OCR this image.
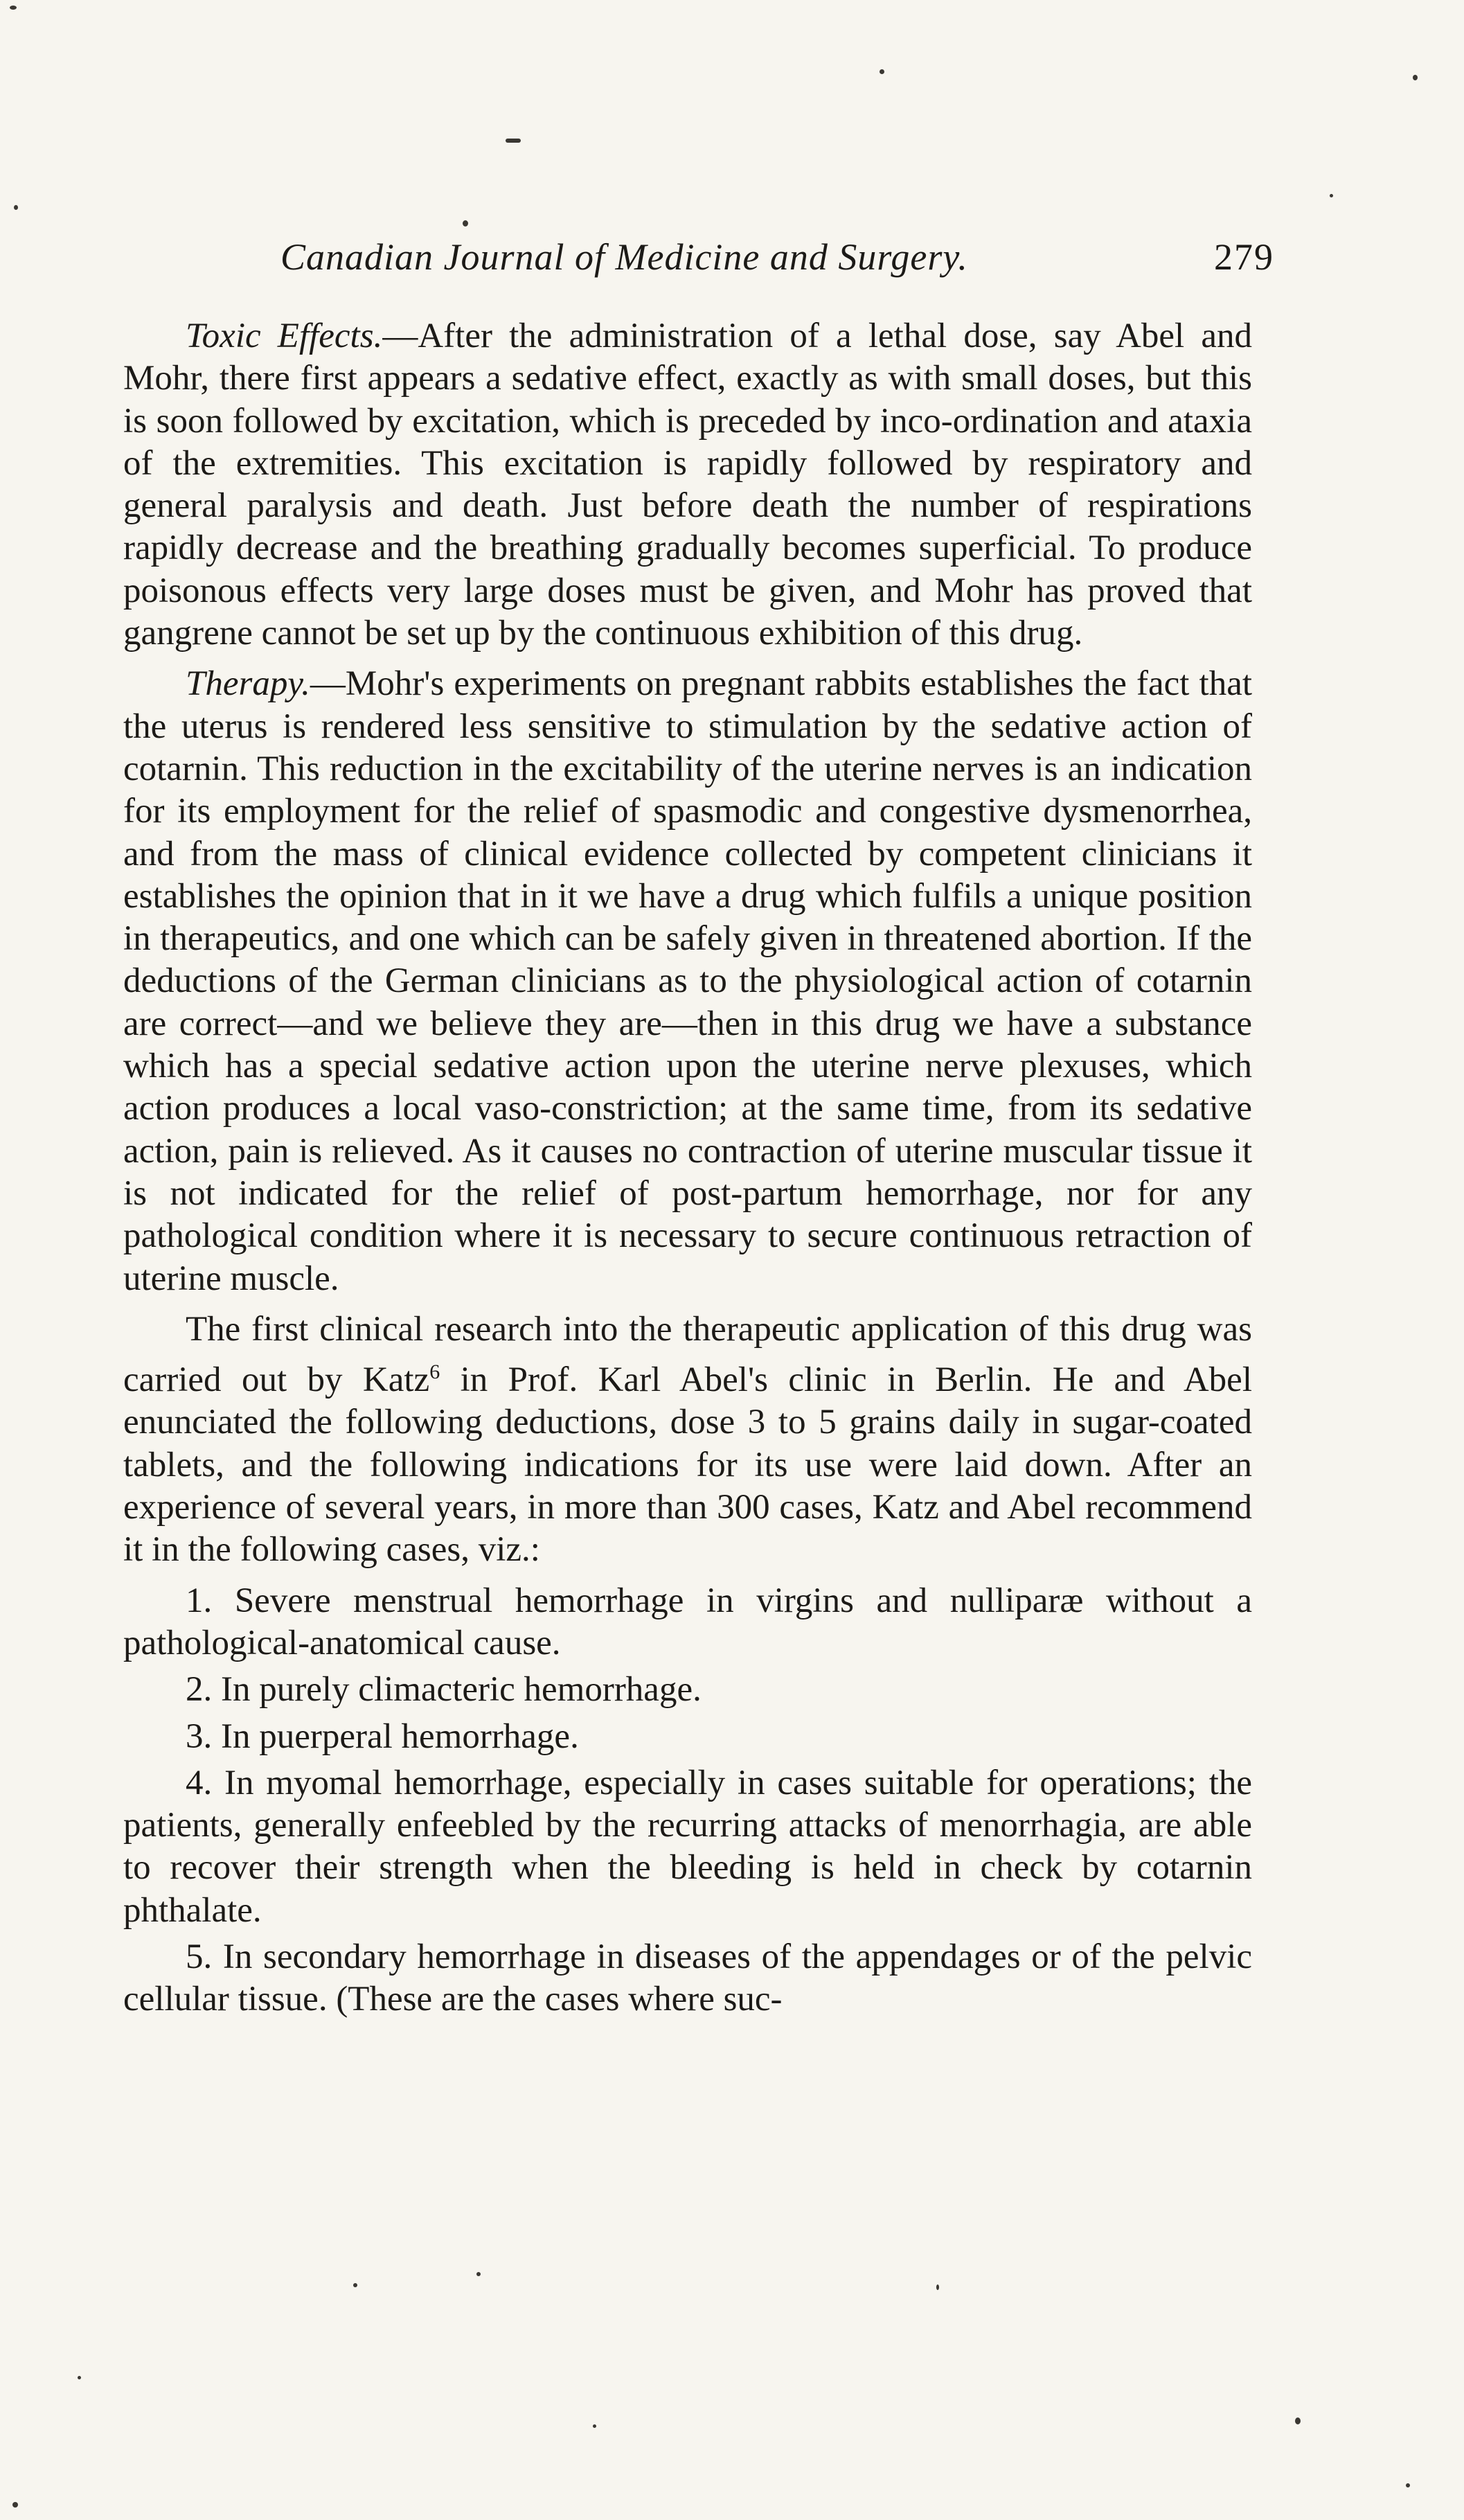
Canadian Journal of Medicine and Surgery.	279

Toxic Effects.—After the administration of a lethal dose, say Abel and Mohr, there first appears a sedative effect, exactly as with small doses, but this is soon followed by excitation, which is preceded by inco-ordination and ataxia of the extremities. This excitation is rapidly followed by respiratory and general paralysis and death. Just before death the number of respirations rapidly decrease and the breathing gradually becomes superficial. To produce poisonous effects very large doses must be given, and Mohr has proved that gangrene cannot be set up by the continuous exhibition of this drug.

Therapy.—Mohr's experiments on pregnant rabbits establishes the fact that the uterus is rendered less sensitive to stimulation by the sedative action of cotarnin. This reduction in the excitability of the uterine nerves is an indication for its employment for the relief of spasmodic and congestive dysmenorrhea, and from the mass of clinical evidence collected by competent clinicians it establishes the opinion that in it we have a drug which fulfils a unique position in therapeutics, and one which can be safely given in threatened abortion. If the deductions of the German clinicians as to the physiological action of cotarnin are correct—and we believe they are—then in this drug we have a substance which has a special sedative action upon the uterine nerve plexuses, which action produces a local vaso-constriction; at the same time, from its sedative action, pain is relieved. As it causes no contraction of uterine muscular tissue it is not indicated for the relief of post-partum hemorrhage, nor for any pathological condition where it is necessary to secure continuous retraction of uterine muscle.

The first clinical research into the therapeutic application of this drug was carried out by Katz$^6$ in Prof. Karl Abel's clinic in Berlin. He and Abel enunciated the following deductions, dose 3 to 5 grains daily in sugar-coated tablets, and the following indications for its use were laid down. After an experience of several years, in more than 300 cases, Katz and Abel recommend it in the following cases, viz.:

1. Severe menstrual hemorrhage in virgins and nulliparæ without a pathological-anatomical cause.

2. In purely climacteric hemorrhage.

3. In puerperal hemorrhage.

4. In myomal hemorrhage, especially in cases suitable for operations; the patients, generally enfeebled by the recurring attacks of menorrhagia, are able to recover their strength when the bleeding is held in check by cotarnin phthalate.

5. In secondary hemorrhage in diseases of the appendages or of the pelvic cellular tissue. (These are the cases where suc-
